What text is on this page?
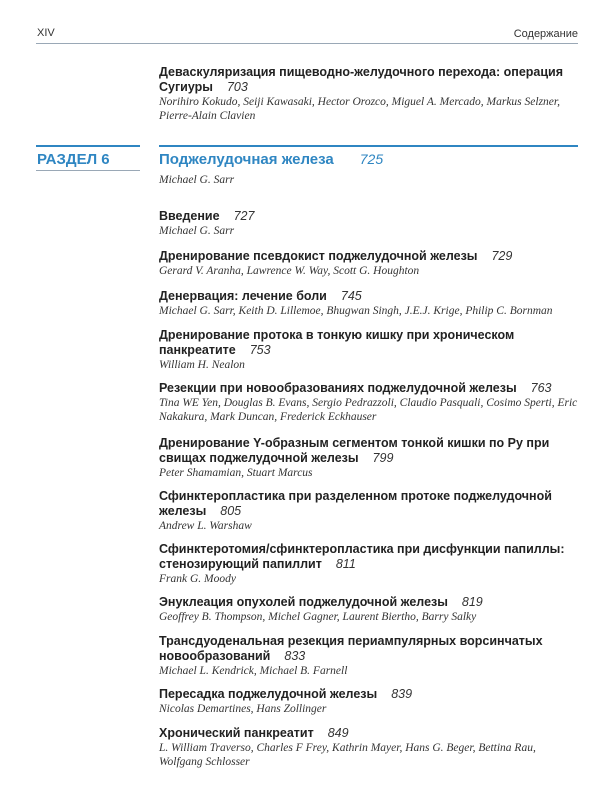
XIV	Содержание
Деваскуляризация пищеводно-желудочного перехода: операция Сугиуры 703
Norihiro Kokudo, Seiji Kawasaki, Hector Orozco, Miguel A. Mercado, Markus Selzner, Pierre-Alain Clavien
РАЗДЕЛ 6	Поджелудочная железа 725
Michael G. Sarr
Введение 727
Michael G. Sarr
Дренирование псевдокист поджелудочной железы 729
Gerard V. Aranha, Lawrence W. Way, Scott G. Houghton
Денервация: лечение боли 745
Michael G. Sarr, Keith D. Lillemoe, Bhugwan Singh, J.E.J. Krige, Philip C. Bornman
Дренирование протока в тонкую кишку при хроническом панкреатите 753
William H. Nealon
Резекции при новообразованиях поджелудочной железы 763
Tina WE Yen, Douglas B. Evans, Sergio Pedrazzoli, Claudio Pasquali, Cosimo Sperti, Eric Nakakura, Mark Duncan, Frederick Eckhauser
Дренирование Y-образным сегментом тонкой кишки по Ру при свищах поджелудочной железы 799
Peter Shamamian, Stuart Marcus
Сфинктеропластика при разделенном протоке поджелудочной железы 805
Andrew L. Warshaw
Сфинктеротомия/сфинктеропластика при дисфункции папиллы: стенозирующий папиллит 811
Frank G. Moody
Энуклеация опухолей поджелудочной железы 819
Geoffrey B. Thompson, Michel Gagner, Laurent Biertho, Barry Salky
Трансдуоденальная резекция периампулярных ворсинчатых новообразований 833
Michael L. Kendrick, Michael B. Farnell
Пересадка поджелудочной железы 839
Nicolas Demartines, Hans Zollinger
Хронический панкреатит 849
L. William Traverso, Charles F Frey, Kathrin Mayer, Hans G. Beger, Bettina Rau, Wolfgang Schlosser
